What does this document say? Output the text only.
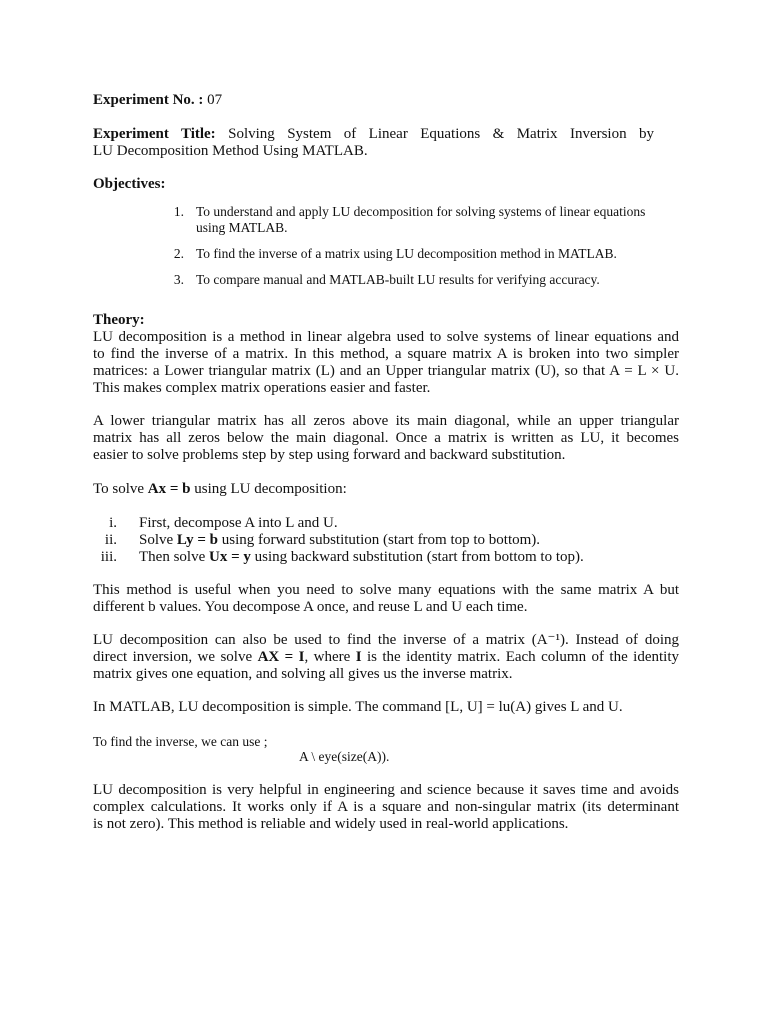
Experiment No. : 07
Experiment Title: Solving System of Linear Equations & Matrix Inversion by
LU Decomposition Method Using MATLAB.
Objectives:
1. To understand and apply LU decomposition for solving systems of linear equations
using MATLAB.
2. To find the inverse of a matrix using LU decomposition method in MATLAB.
3. To compare manual and MATLAB-built LU results for verifying accuracy.
Theory:
LU decomposition is a method in linear algebra used to solve systems of linear equations and
to find the inverse of a matrix. In this method, a square matrix A is broken into two simpler
matrices: a Lower triangular matrix (L) and an Upper triangular matrix (U), so that A = L × U.
This makes complex matrix operations easier and faster.
A lower triangular matrix has all zeros above its main diagonal, while an upper triangular
matrix has all zeros below the main diagonal. Once a matrix is written as LU, it becomes
easier to solve problems step by step using forward and backward substitution.
To solve Ax = b using LU decomposition:
i. First, decompose A into L and U.
ii. Solve Ly = b using forward substitution (start from top to bottom).
iii. Then solve Ux = y using backward substitution (start from bottom to top).
This method is useful when you need to solve many equations with the same matrix A but
different b values. You decompose A once, and reuse L and U each time.
LU decomposition can also be used to find the inverse of a matrix (A⁻¹). Instead of doing
direct inversion, we solve AX = I, where I is the identity matrix. Each column of the identity
matrix gives one equation, and solving all gives us the inverse matrix.
In MATLAB, LU decomposition is simple. The command [L, U] = lu(A) gives L and U.
To find the inverse, we can use ;
A \ eye(size(A)).
LU decomposition is very helpful in engineering and science because it saves time and avoids
complex calculations. It works only if A is a square and non-singular matrix (its determinant
is not zero). This method is reliable and widely used in real-world applications.
